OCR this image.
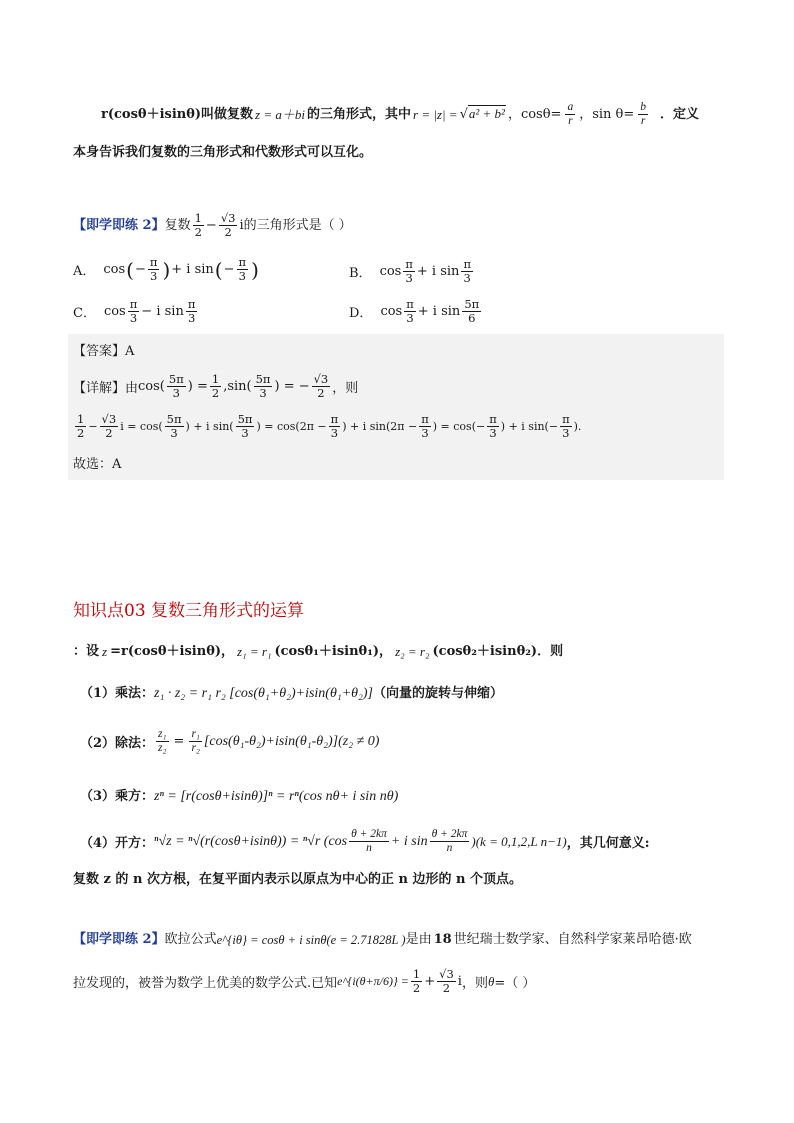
r(cosθ＋isinθ)叫做复数 z = a＋bi 的三角形式，其中 r = |z| = √a² + b² ，$\cos\theta= \frac{a}{r}$ ，$\sin \theta= \frac{b}{r}$ ．定义
本身告诉我们复数的三角形式和代数形式可以互化。
【即学即练 2】 复数 $\frac{1}{2} - \frac{√3}{2}$ i 的三角形式是（ ）
A． cos ( − $\frac{\pi}{3}$ ) + i sin ( − $\frac{\pi}{3}$ )	B． $\cos \frac{\pi}{3} + i$ $\sin \frac{\pi}{3}$
C． $\cos \frac{\pi}{3} - i$ $\sin \frac{\pi}{3}$	D． $\cos \frac{\pi}{3} + i$ $\sin \frac{5\pi}{6}$
【答案】A
【详解】 由 $\cos( \frac{5\pi}{3}$ ) = $\frac{1}{2} ,\sin( \frac{5\pi}{3}$ ) = − $\frac{√3}{2}$ ，则
$\frac{1}{2} - \frac{√3}{2}$ $i = \cos( \frac{5\pi}{3}$ ) + i $\sin( \frac{5\pi}{3}$ ) = $\cos(2\pi - \frac{\pi}{3}$ ) + i $\sin(2\pi - \frac{\pi}{3}$ ) = $\cos(- \frac{\pi}{3}$ ) + i $\sin(- \frac{\pi}{3}$ ).
故选：A
知识点03 复数三角形式的运算
：设 z =r(cosθ＋isinθ)， z₁ = r₁ (cosθ₁＋isinθ₁)， z₂ = r₂ (cosθ₂＋isinθ₂)．则
（1）乘法： z₁ · z₂ = r₁ r₂ [cos(θ₁+θ₂)+isin(θ₁+θ₂)] （向量的旋转与伸缩）
（2）除法： $\frac{\text{z₁}}{\text{z₂}} = \frac{\text{r₁}}{\text{r₂}} [\cos(\theta_1-\theta_2)+isin(\theta_1-\theta_2)](z_2 \ne 0)$
（3）乘方： zⁿ = [r(cosθ+isinθ)]ⁿ = rⁿ(cos nθ+ i sin nθ)
（4）开方： ⁿ√z = ⁿ√(r(cosθ+isinθ)) = ⁿ√r ($\cos \frac{\theta + 2k\pi}{n} + i$ $\sin \frac{\theta + 2k\pi}{n} )(k = 0,1,2,L$ n−1) ，其几何意义:
复数 z 的 n 次方根，在复平面内表示以原点为中心的正 n 边形的 n 个顶点。
【即学即练 2】 欧拉公式 e^{iθ} = cosθ + i sinθ(e = 2.71828L ) 是由 18 世纪瑞士数学家、自然科学家莱昂哈德·欧
拉发现的，被誉为数学上优美的数学公式.已知 e^{i(θ+π/6)} = $\frac{1}{2} + \frac{√3}{2}$ i ，则 θ =（ ）
